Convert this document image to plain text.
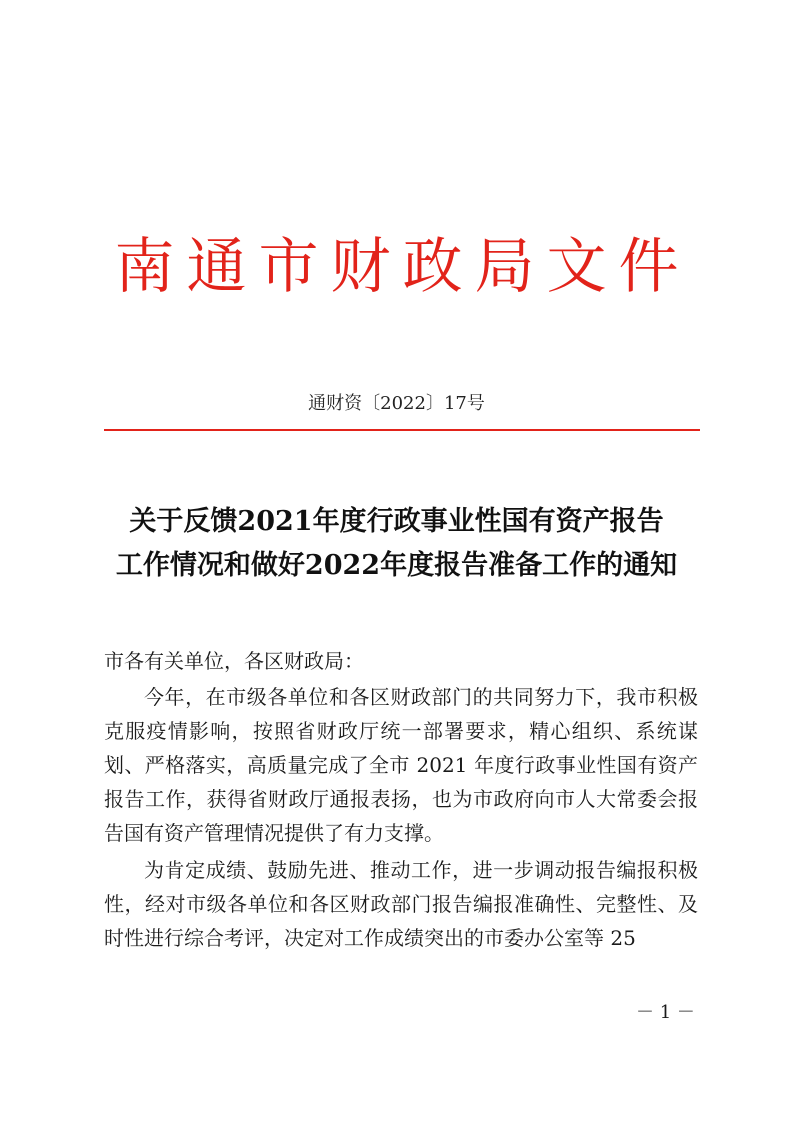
南通市财政局文件
通财资〔2022〕17号
关于反馈2021年度行政事业性国有资产报告
工作情况和做好2022年度报告准备工作的通知

市各有关单位，各区财政局：

今年，在市级各单位和各区财政部门的共同努力下，我市积极克服疫情影响，按照省财政厅统一部署要求，精心组织、系统谋划、严格落实，高质量完成了全市 2021 年度行政事业性国有资产报告工作，获得省财政厅通报表扬，也为市政府向市人大常委会报告国有资产管理情况提供了有力支撑。

为肯定成绩、鼓励先进、推动工作，进一步调动报告编报积极性，经对市级各单位和各区财政部门报告编报准确性、完整性、及时性进行综合考评，决定对工作成绩突出的市委办公室等 25

－ 1 －
